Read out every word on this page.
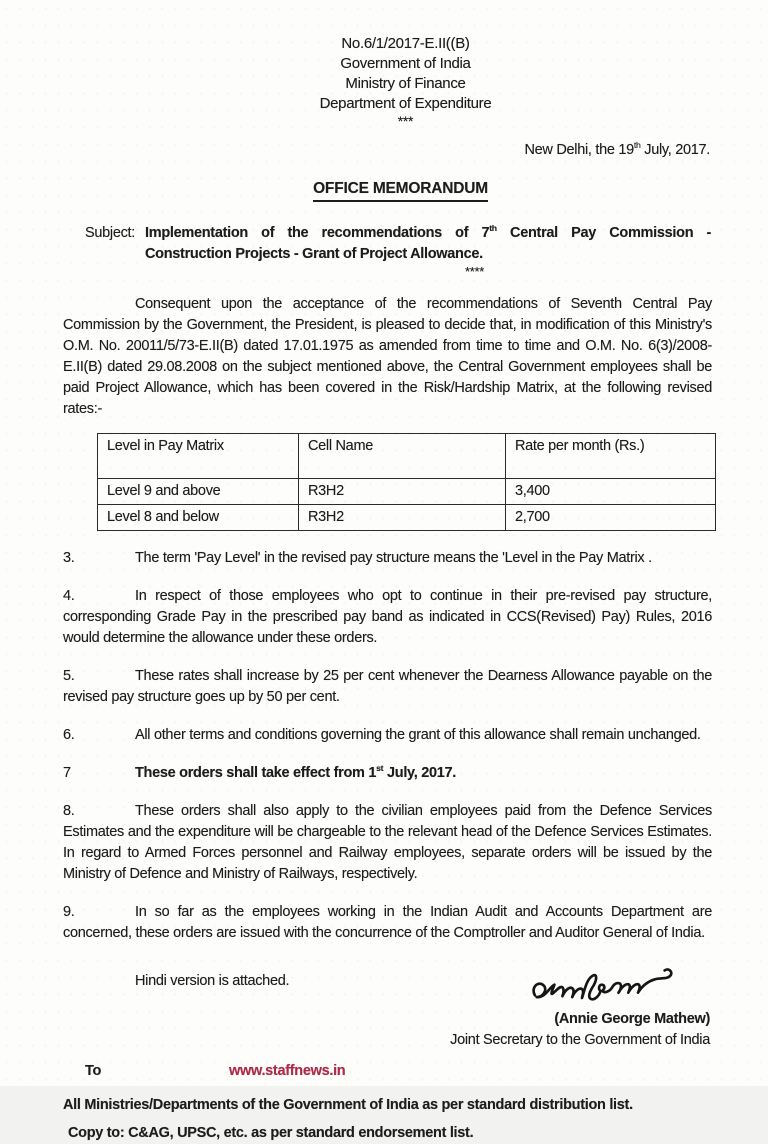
No.6/1/2017-E.II((B)
Government of India
Ministry of Finance
Department of Expenditure
***
New Delhi, the 19th July, 2017.
OFFICE MEMORANDUM
Subject: Implementation of the recommendations of 7th Central Pay Commission - Construction Projects - Grant of Project Allowance.
****
Consequent upon the acceptance of the recommendations of Seventh Central Pay Commission by the Government, the President, is pleased to decide that, in modification of this Ministry's O.M. No. 20011/5/73-E.II(B) dated 17.01.1975 as amended from time to time and O.M. No. 6(3)/2008-E.II(B) dated 29.08.2008 on the subject mentioned above, the Central Government employees shall be paid Project Allowance, which has been covered in the Risk/Hardship Matrix, at the following revised rates:-
Level in Pay Matrix	Cell Name	Rate per month (Rs.)
Level 9 and above	R3H2	3,400
Level 8 and below	R3H2	2,700
3.	The term 'Pay Level' in the revised pay structure means the 'Level in the Pay Matrix .
4.	In respect of those employees who opt to continue in their pre-revised pay structure, corresponding Grade Pay in the prescribed pay band as indicated in CCS(Revised) Pay) Rules, 2016 would determine the allowance under these orders.
5.	These rates shall increase by 25 per cent whenever the Dearness Allowance payable on the revised pay structure goes up by 50 per cent.
6.	All other terms and conditions governing the grant of this allowance shall remain unchanged.
7	These orders shall take effect from 1st July, 2017.
8.	These orders shall also apply to the civilian employees paid from the Defence Services Estimates and the expenditure will be chargeable to the relevant head of the Defence Services Estimates. In regard to Armed Forces personnel and Railway employees, separate orders will be issued by the Ministry of Defence and Ministry of Railways, respectively.
9.	In so far as the employees working in the Indian Audit and Accounts Department are concerned, these orders are issued with the concurrence of the Comptroller and Auditor General of India.
Hindi version is attached.
(Annie George Mathew)
Joint Secretary to the Government of India
To	www.staffnews.in
All Ministries/Departments of the Government of India as per standard distribution list.
Copy to: C&AG, UPSC, etc. as per standard endorsement list.
